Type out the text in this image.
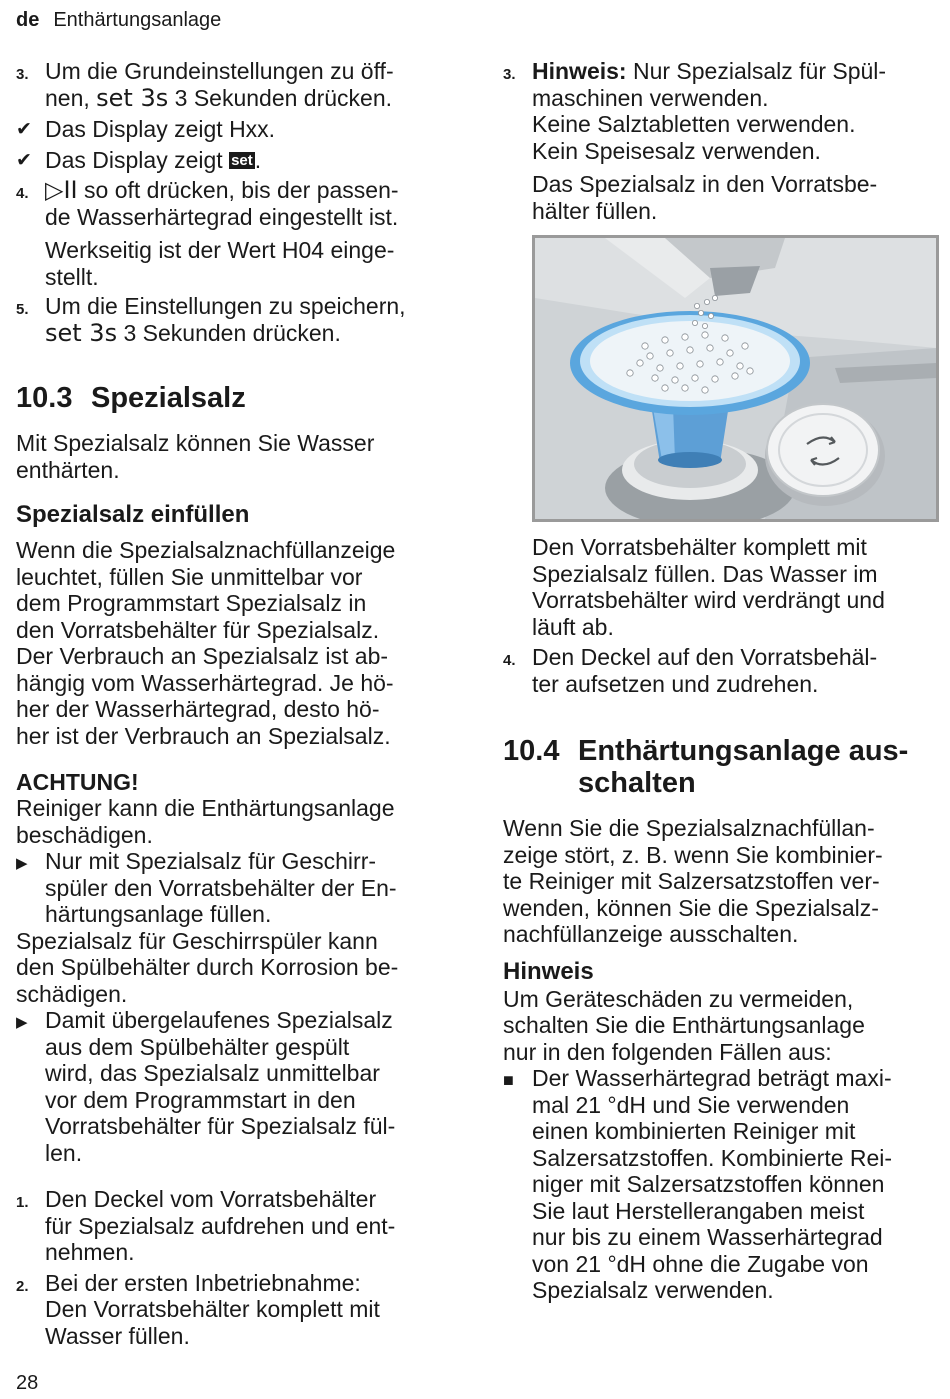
de Enthärtungsanlage
3. Um die Grundeinstellungen zu öff-
nen, set 3s 3 Sekunden drücken.
✔ Das Display zeigt Hxx.
✔ Das Display zeigt set.
4. ▷II so oft drücken, bis der passen-
de Wasserhärtegrad eingestellt ist.

Werkseitig ist der Wert H04 einge-
stellt.

5. Um die Einstellungen zu speichern,
set 3s 3 Sekunden drücken.
10.3 Spezialsalz

Mit Spezialsalz können Sie Wasser
enthärten.

Spezialsalz einfüllen

Wenn die Spezialsalznachfüllanzeige
leuchtet, füllen Sie unmittelbar vor
dem Programmstart Spezialsalz in
den Vorratsbehälter für Spezialsalz.
Der Verbrauch an Spezialsalz ist ab-
hängig vom Wasserhärtegrad. Je hö-
her der Wasserhärtegrad, desto hö-
her ist der Verbrauch an Spezialsalz.

ACHTUNG!

Reiniger kann die Enthärtungsanlage
beschädigen.

▶ Nur mit Spezialsalz für Geschirr-
spüler den Vorratsbehälter der En-
härtungsanlage füllen.

Spezialsalz für Geschirrspüler kann
den Spülbehälter durch Korrosion be-
schädigen.

▶ Damit übergelaufenes Spezialsalz
aus dem Spülbehälter gespült
wird, das Spezialsalz unmittelbar
vor dem Programmstart in den
Vorratsbehälter für Spezialsalz fül-
len.
1. Den Deckel vom Vorratsbehälter
für Spezialsalz aufdrehen und ent-
nehmen.
2. Bei der ersten Inbetriebnahme:
Den Vorratsbehälter komplett mit
Wasser füllen.
3. Hinweis: Nur Spezialsalz für Spül-
maschinen verwenden.
Keine Salztabletten verwenden.
Kein Speisesalz verwenden.

Das Spezialsalz in den Vorratsbe-
hälter füllen.

Den Vorratsbehälter komplett mit
Spezialsalz füllen. Das Wasser im
Vorratsbehälter wird verdrängt und
läuft ab.

4. Den Deckel auf den Vorratsbehäl-
ter aufsetzen und zudrehen.
10.4 Enthärtungsanlage aus-
schalten

Wenn Sie die Spezialsalznachfüllan-
zeige stört, z. B. wenn Sie kombinier-
te Reiniger mit Salzersatzstoffen ver-
wenden, können Sie die Spezialsalz-
nachfüllanzeige ausschalten.

Hinweis

Um Geräteschäden zu vermeiden,
schalten Sie die Enthärtungsanlage
nur in den folgenden Fällen aus:

■ Der Wasserhärtegrad beträgt maxi-
mal 21 °dH und Sie verwenden
einen kombinierten Reiniger mit
Salzersatzstoffen. Kombinierte Rei-
niger mit Salzersatzstoffen können
Sie laut Herstellerangaben meist
nur bis zu einem Wasserhärtegrad
von 21 °dH ohne die Zugabe von
Spezialsalz verwenden.
28
